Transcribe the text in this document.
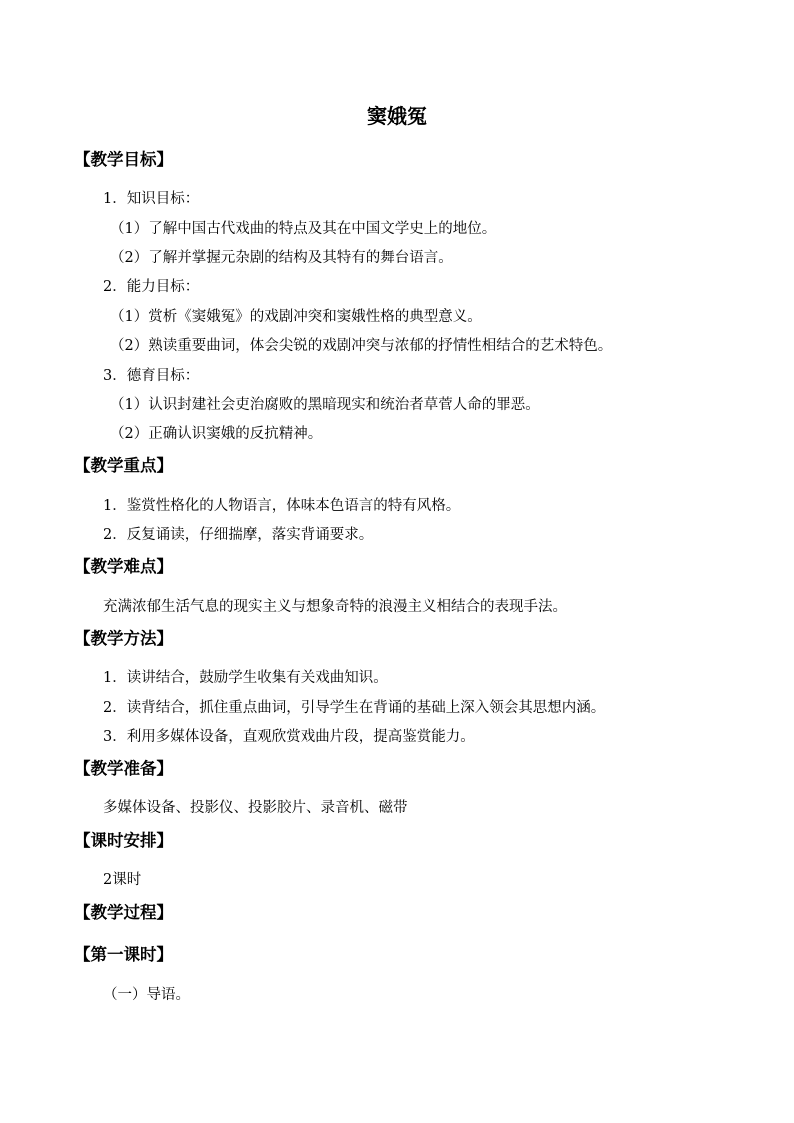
窦娥冤
【教学目标】
1．知识目标：
（1）了解中国古代戏曲的特点及其在中国文学史上的地位。
（2）了解并掌握元杂剧的结构及其特有的舞台语言。
2．能力目标：
（1）赏析《窦娥冤》的戏剧冲突和窦娥性格的典型意义。
（2）熟读重要曲词，体会尖锐的戏剧冲突与浓郁的抒情性相结合的艺术特色。
3．德育目标：
（1）认识封建社会吏治腐败的黑暗现实和统治者草菅人命的罪恶。
（2）正确认识窦娥的反抗精神。
【教学重点】
1．鉴赏性格化的人物语言，体味本色语言的特有风格。
2．反复诵读，仔细揣摩，落实背诵要求。
【教学难点】
充满浓郁生活气息的现实主义与想象奇特的浪漫主义相结合的表现手法。
【教学方法】
1．读讲结合，鼓励学生收集有关戏曲知识。
2．读背结合，抓住重点曲词，引导学生在背诵的基础上深入领会其思想内涵。
3．利用多媒体设备，直观欣赏戏曲片段，提高鉴赏能力。
【教学准备】
多媒体设备、投影仪、投影胶片、录音机、磁带
【课时安排】
2课时
【教学过程】
【第一课时】
（一）导语。
